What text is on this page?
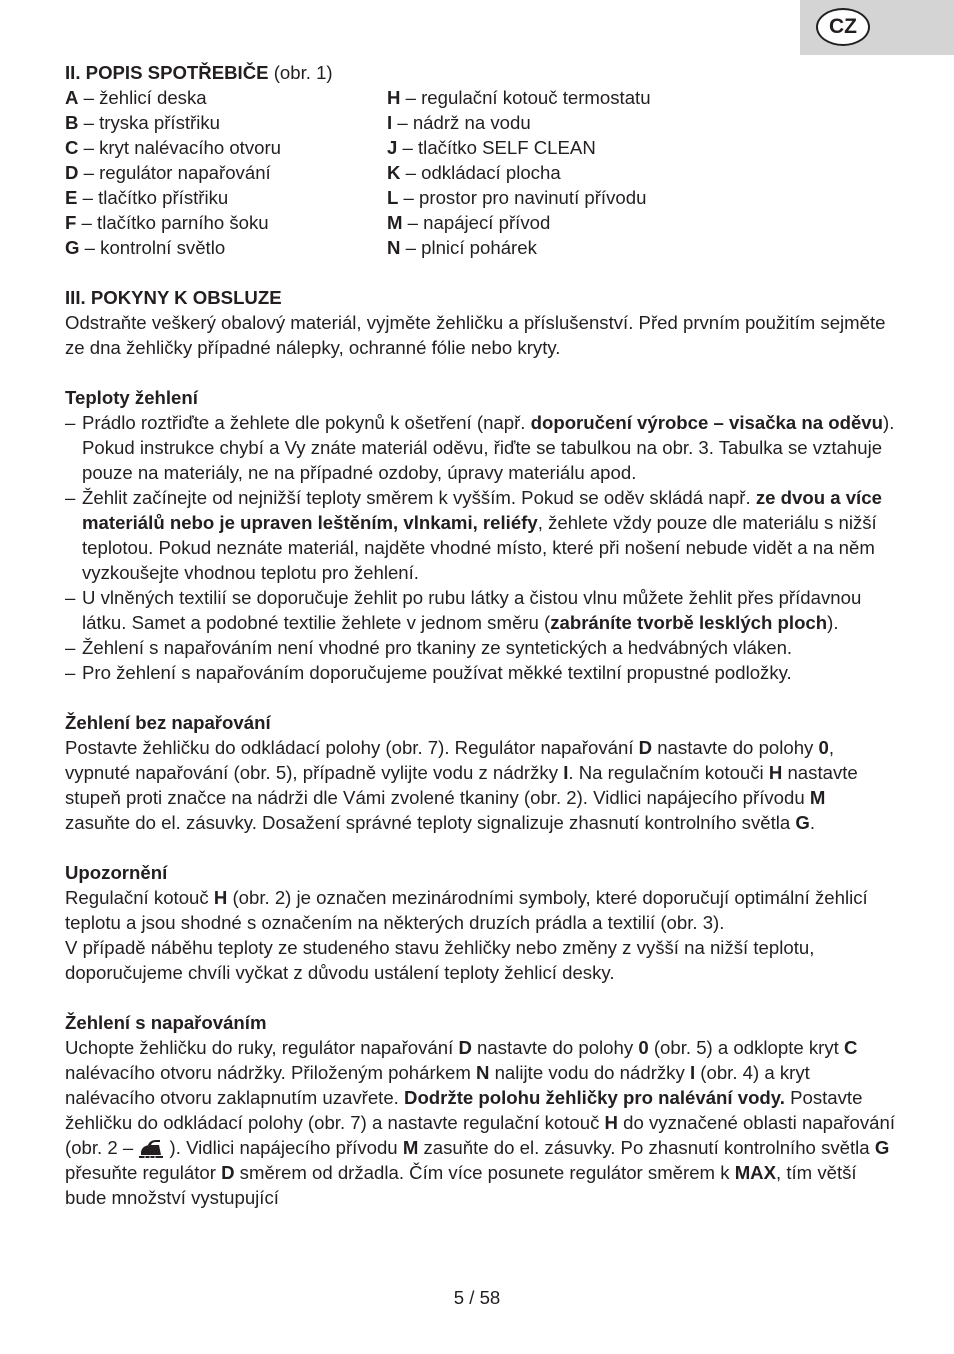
CZ

II. POPIS SPOTŘEBIČE (obr. 1)

A – žehlicí deska

B – tryska přístřiku

C – kryt nalévacího otvoru

D – regulátor napařování

E – tlačítko přístřiku

F – tlačítko parního šoku

G – kontrolní světlo

H – regulační kotouč termostatu

I – nádrž na vodu

J – tlačítko SELF CLEAN

K – odkládací plocha

L – prostor pro navinutí přívodu

M – napájecí přívod

N – plnicí pohárek

III. POKYNY K OBSLUZE

Odstraňte veškerý obalový materiál, vyjměte žehličku a příslušenství. Před prvním použitím sejměte ze dna žehličky případné nálepky, ochranné fólie nebo kryty.

Teploty žehlení

– Prádlo roztřiďte a žehlete dle pokynů k ošetření (např. doporučení výrobce – visačka na oděvu). Pokud instrukce chybí a Vy znáte materiál oděvu, řiďte se tabulkou na obr. 3. Tabulka se vztahuje pouze na materiály, ne na případné ozdoby, úpravy materiálu apod.

– Žehlit začínejte od nejnižší teploty směrem k vyšším. Pokud se oděv skládá např. ze dvou a více materiálů nebo je upraven leštěním, vlnkami, reliéfy, žehlete vždy pouze dle materiálu s nižší teplotou. Pokud neznáte materiál, najděte vhodné místo, které při nošení nebude vidět a na něm vyzkoušejte vhodnou teplotu pro žehlení.

– U vlněných textilií se doporučuje žehlit po rubu látky a čistou vlnu můžete žehlit přes přídavnou látku. Samet a podobné textilie žehlete v jednom směru (zabráníte tvorbě lesklých ploch).

– Žehlení s napařováním není vhodné pro tkaniny ze syntetických a hedvábných vláken.

– Pro žehlení s napařováním doporučujeme používat měkké textilní propustné podložky.

Žehlení bez napařování

Postavte žehličku do odkládací polohy (obr. 7). Regulátor napařování D nastavte do polohy 0, vypnuté napařování (obr. 5), případně vylijte vodu z nádržky I. Na regulačním kotouči H nastavte stupeň proti značce na nádrži dle Vámi zvolené tkaniny (obr. 2). Vidlici napájecího přívodu M zasuňte do el. zásuvky. Dosažení správné teploty signalizuje zhasnutí kontrolního světla G.

Upozornění

Regulační kotouč H (obr. 2) je označen mezinárodními symboly, které doporučují optimální žehlicí teplotu a jsou shodné s označením na některých druzích prádla a textilií (obr. 3).

V případě náběhu teploty ze studeného stavu žehličky nebo změny z vyšší na nižší teplotu, doporučujeme chvíli vyčkat z důvodu ustálení teploty žehlicí desky.

Žehlení s napařováním

Uchopte žehličku do ruky, regulátor napařování D nastavte do polohy 0 (obr. 5) a odklopte kryt C nalévacího otvoru nádržky. Přiloženým pohárkem N nalijte vodu do nádržky I (obr. 4) a kryt nalévacího otvoru zaklapnutím uzavřete. Dodržte polohu žehličky pro nalévání vody. Postavte žehličku do odkládací polohy (obr. 7) a nastavte regulační kotouč H do vyznačené oblasti napařování (obr. 2 –  ). Vidlici napájecího přívodu M zasuňte do el. zásuvky. Po zhasnutí kontrolního světla G přesuňte regulátor D směrem od držadla. Čím více posunete regulátor směrem k MAX, tím větší bude množství vystupující

5 / 58
